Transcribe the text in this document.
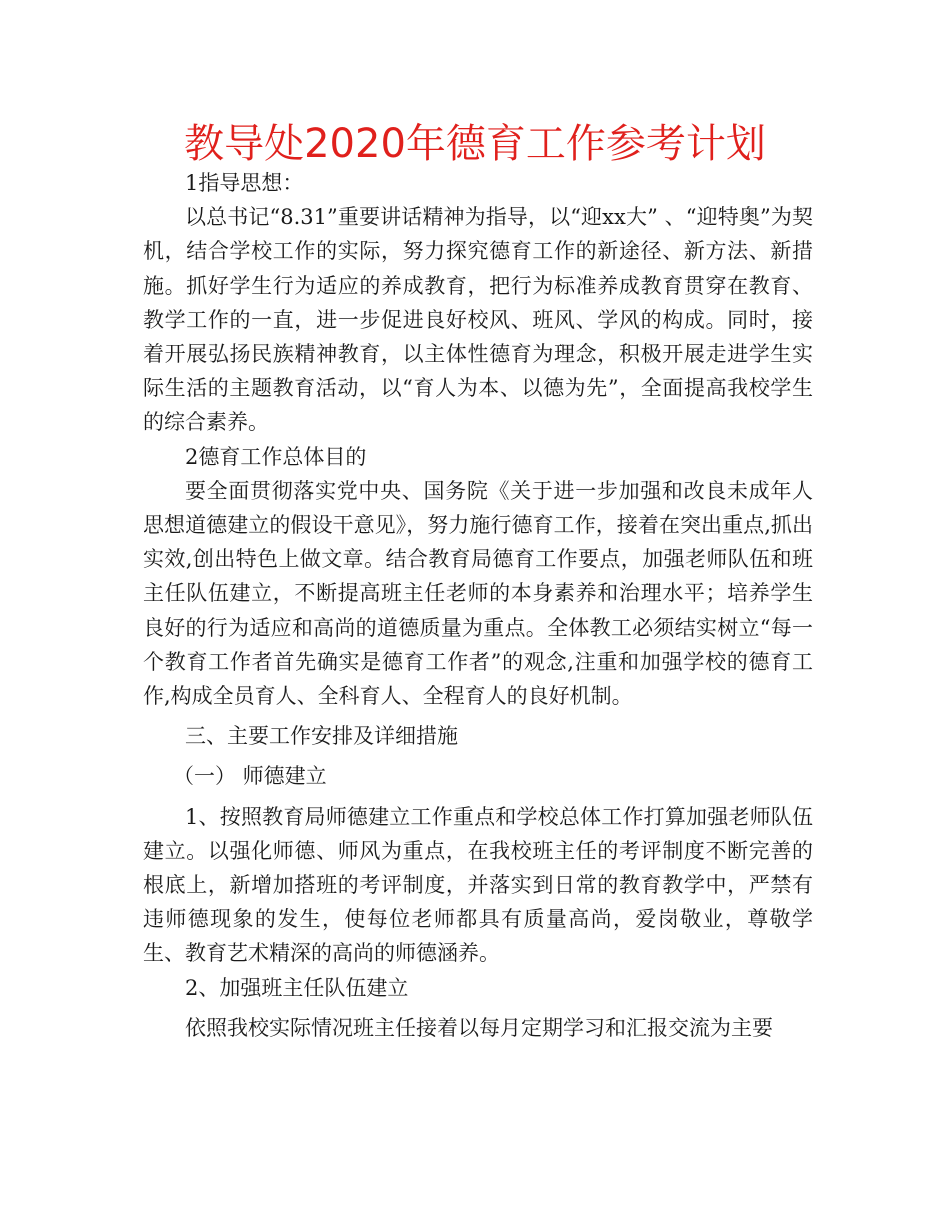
教导处2020年德育工作参考计划

1指导思想：

以总书记“8.31”重要讲话精神为指导，以“迎xx大” 、“迎特奥”为契机，结合学校工作的实际，努力探究德育工作的新途径、新方法、新措施。抓好学生行为适应的养成教育，把行为标准养成教育贯穿在教育、教学工作的一直，进一步促进良好校风、班风、学风的构成。同时，接着开展弘扬民族精神教育，以主体性德育为理念，积极开展走进学生实际生活的主题教育活动，以“育人为本、以德为先”，全面提高我校学生的综合素养。

2德育工作总体目的

要全面贯彻落实党中央、国务院《关于进一步加强和改良未成年人思想道德建立的假设干意见》，努力施行德育工作，接着在突出重点,抓出实效,创出特色上做文章。结合教育局德育工作要点，加强老师队伍和班主任队伍建立，不断提高班主任老师的本身素养和治理水平；培养学生良好的行为适应和高尚的道德质量为重点。全体教工必须结实树立“每一个教育工作者首先确实是德育工作者”的观念,注重和加强学校的德育工作,构成全员育人、全科育人、全程育人的良好机制。

三、主要工作安排及详细措施

（一） 师德建立

1、按照教育局师德建立工作重点和学校总体工作打算加强老师队伍建立。以强化师德、师风为重点，在我校班主任的考评制度不断完善的根底上，新增加搭班的考评制度，并落实到日常的教育教学中，严禁有违师德现象的发生，使每位老师都具有质量高尚，爱岗敬业，尊敬学生、教育艺术精深的高尚的师德涵养。

2、加强班主任队伍建立

依照我校实际情况班主任接着以每月定期学习和汇报交流为主要
